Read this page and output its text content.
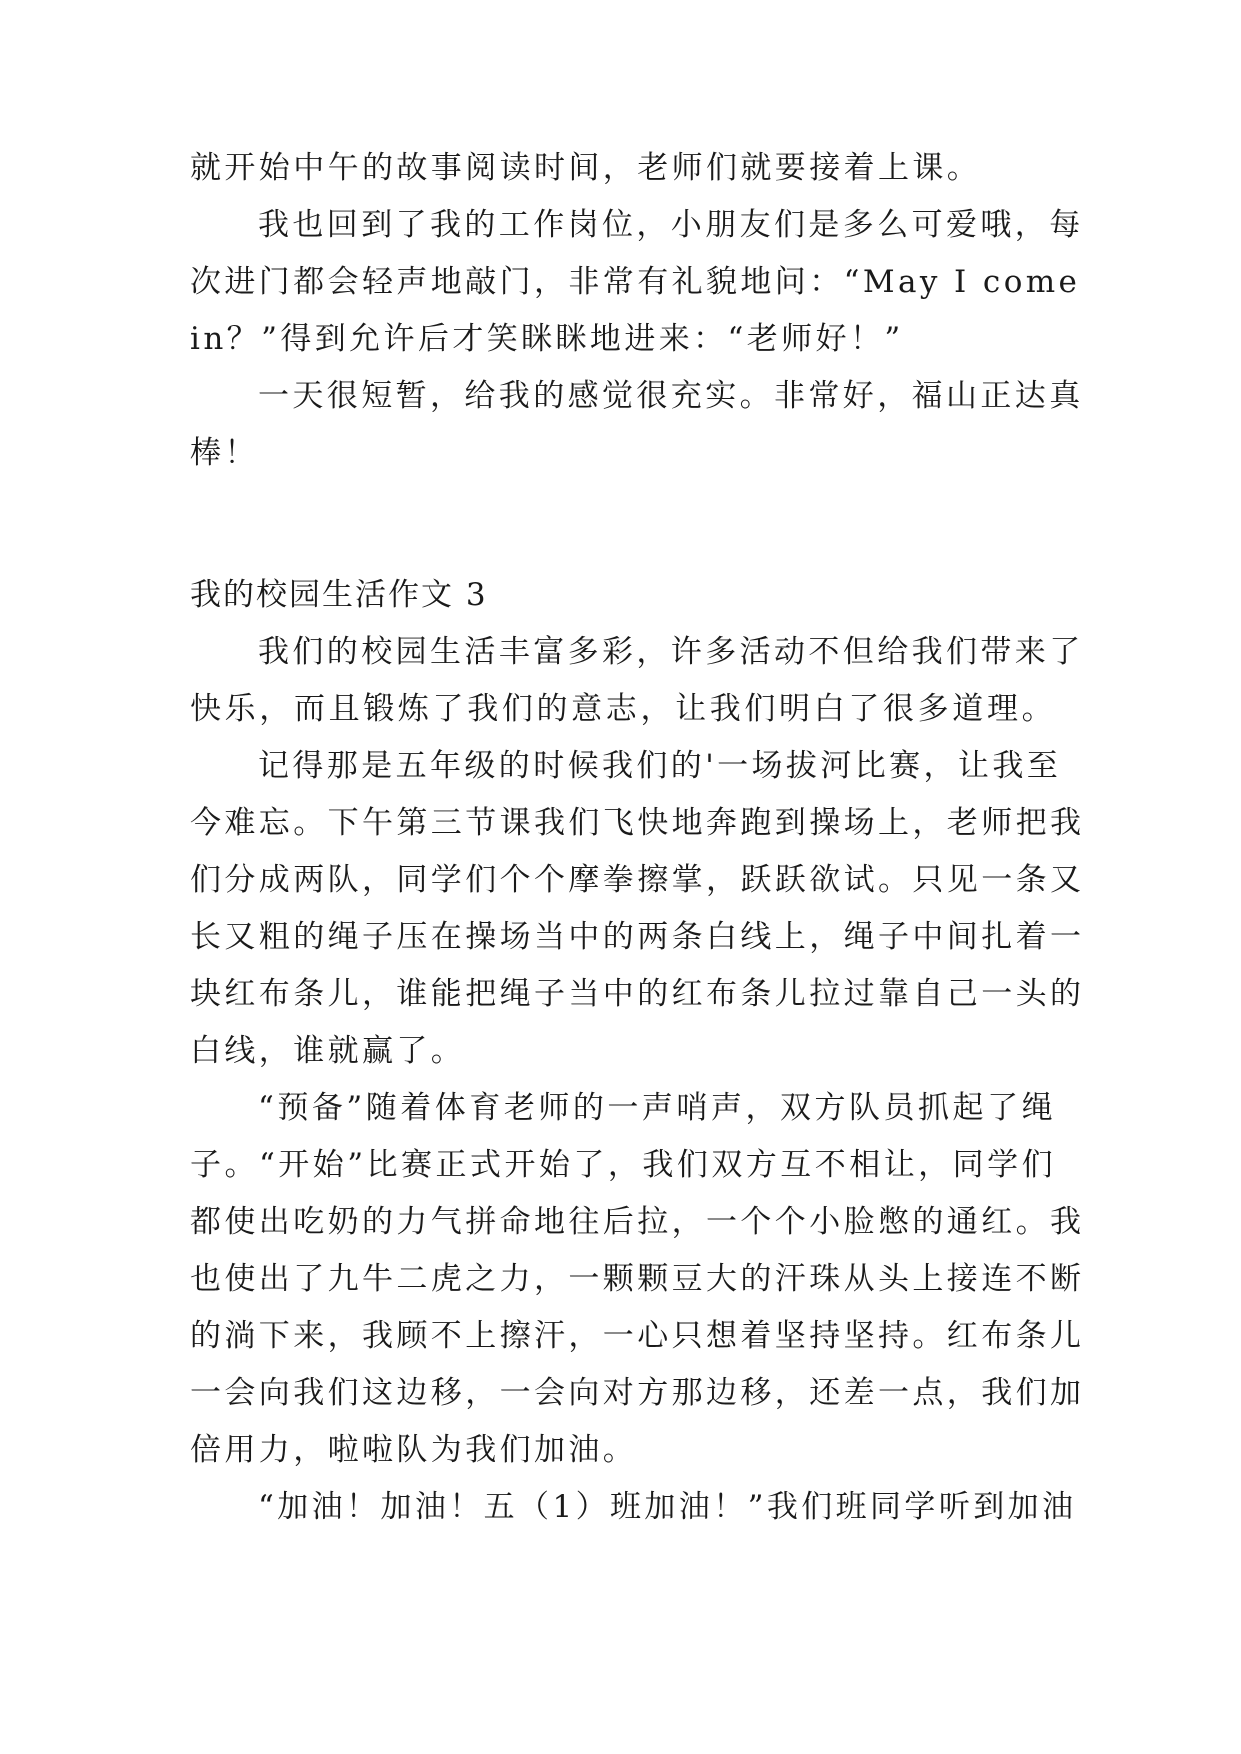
就开始中午的故事阅读时间，老师们就要接着上课。
我也回到了我的工作岗位，小朋友们是多么可爱哦，每
次进门都会轻声地敲门，非常有礼貌地问：“May I come
in？”得到允许后才笑眯眯地进来：“老师好！”
一天很短暂，给我的感觉很充实。非常好，福山正达真
棒！
我的校园生活作文 3
我们的校园生活丰富多彩，许多活动不但给我们带来了
快乐，而且锻炼了我们的意志，让我们明白了很多道理。
记得那是五年级的时候我们的'一场拔河比赛，让我至
今难忘。下午第三节课我们飞快地奔跑到操场上，老师把我
们分成两队，同学们个个摩拳擦掌，跃跃欲试。只见一条又
长又粗的绳子压在操场当中的两条白线上，绳子中间扎着一
块红布条儿，谁能把绳子当中的红布条儿拉过靠自己一头的
白线，谁就赢了。
“预备”随着体育老师的一声哨声，双方队员抓起了绳
子。“开始”比赛正式开始了，我们双方互不相让，同学们
都使出吃奶的力气拼命地往后拉，一个个小脸憋的通红。我
也使出了九牛二虎之力，一颗颗豆大的汗珠从头上接连不断
的淌下来，我顾不上擦汗，一心只想着坚持坚持。红布条儿
一会向我们这边移，一会向对方那边移，还差一点，我们加
倍用力，啦啦队为我们加油。
“加油！加油！五（1）班加油！”我们班同学听到加油
